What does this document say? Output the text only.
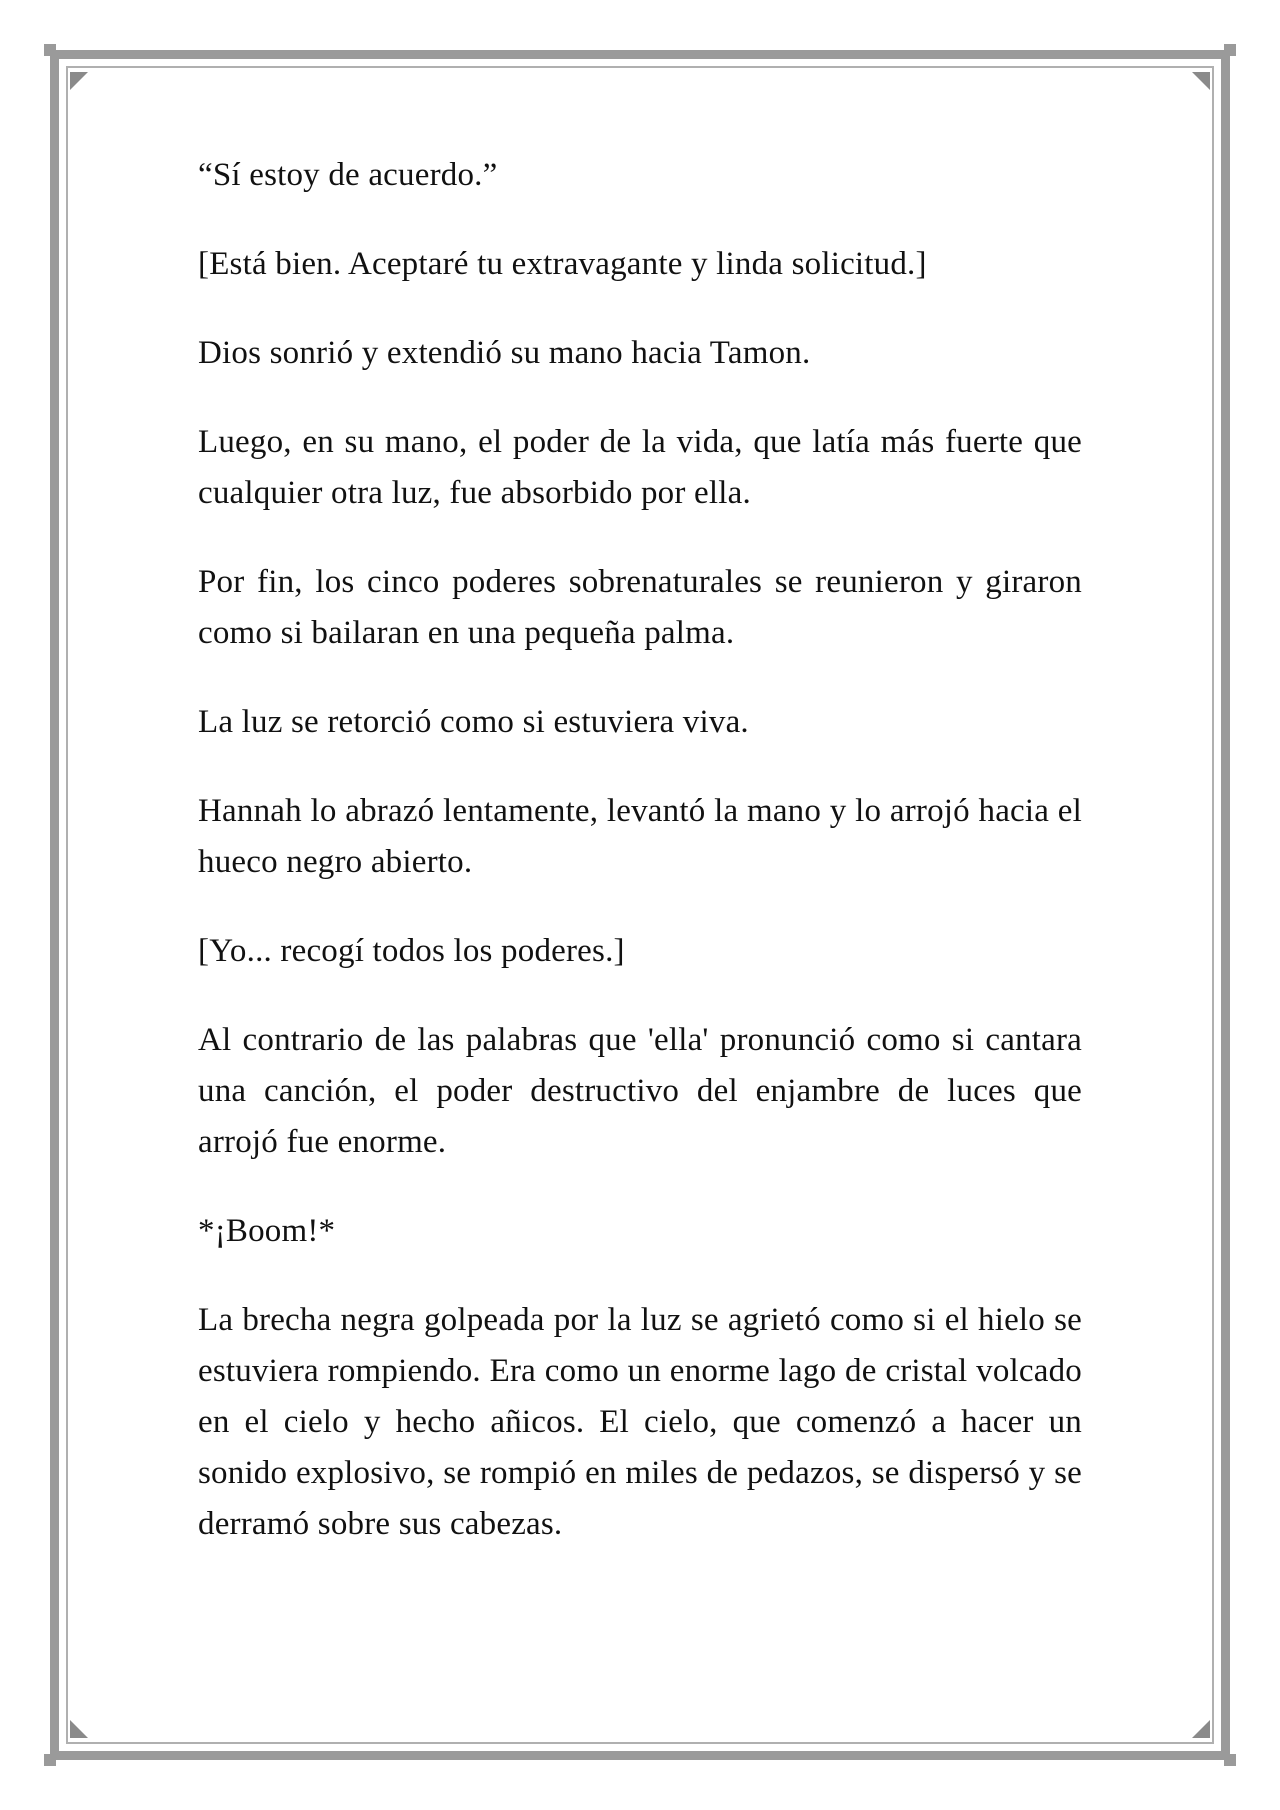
“Sí estoy de acuerdo.”

[Está bien. Aceptaré tu extravagante y linda solicitud.]

Dios sonrió y extendió su mano hacia Tamon.

Luego, en su mano, el poder de la vida, que latía más fuerte que cualquier otra luz, fue absorbido por ella.

Por fin, los cinco poderes sobrenaturales se reunieron y giraron como si bailaran en una pequeña palma.

La luz se retorció como si estuviera viva.

Hannah lo abrazó lentamente, levantó la mano y lo arrojó hacia el hueco negro abierto.

[Yo... recogí todos los poderes.]

Al contrario de las palabras que 'ella' pronunció como si cantara una canción, el poder destructivo del enjambre de luces que arrojó fue enorme.

*¡Boom!*

La brecha negra golpeada por la luz se agrietó como si el hielo se estuviera rompiendo. Era como un enorme lago de cristal volcado en el cielo y hecho añicos. El cielo, que comenzó a hacer un sonido explosivo, se rompió en miles de pedazos, se dispersó y se derramó sobre sus cabezas.
